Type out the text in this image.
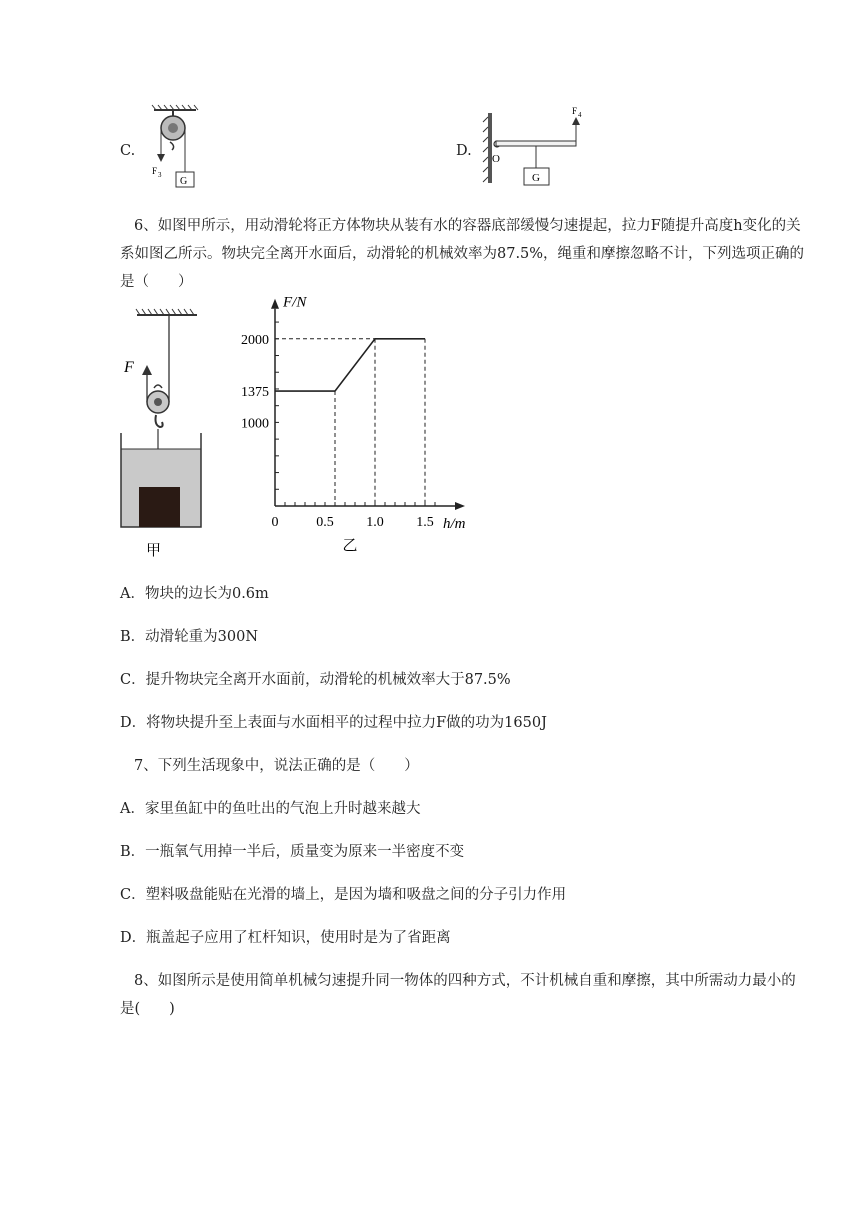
C.
G
F 3
D.
G
O
F 4
6、如图甲所示，用动滑轮将正方体物块从装有水的容器底部缓慢匀速提起，拉力F随提升高度h变化的关系如图乙所示。物块完全离开水面后，动滑轮的机械效率为87.5%，绳重和摩擦忽略不计，下列选项正确的是（　　）
F
甲
0	0.5 1.0 1.5
1000
1375
2000
F/N
h/m
乙
A．物块的边长为0.6m
B．动滑轮重为300N
C．提升物块完全离开水面前，动滑轮的机械效率大于87.5%
D．将物块提升至上表面与水面相平的过程中拉力F做的功为1650J
7、下列生活现象中，说法正确的是（　　）
A．家里鱼缸中的鱼吐出的气泡上升时越来越大
B．一瓶氧气用掉一半后，质量变为原来一半密度不变
C．塑料吸盘能贴在光滑的墙上，是因为墙和吸盘之间的分子引力作用
D．瓶盖起子应用了杠杆知识，使用时是为了省距离
8、如图所示是使用简单机械匀速提升同一物体的四种方式，不计机械自重和摩擦，其中所需动力最小的是(　　)
